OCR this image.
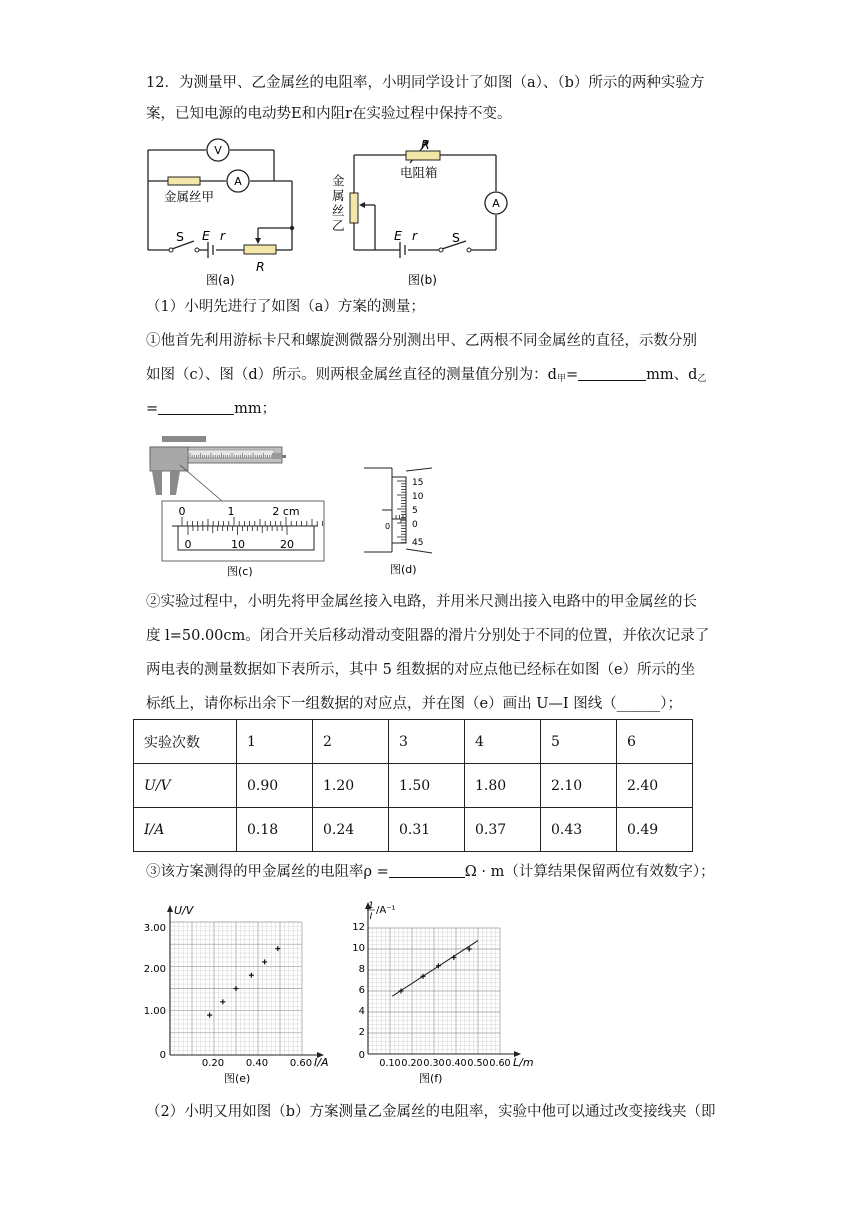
12．为测量甲、乙金属丝的电阻率，小明同学设计了如图（a）、（b）所示的两种实验方案，已知电源的电动势E和内阻r在实验过程中保持不变。

V
A
金属丝甲
S E r
R
图(a)
R
电阻箱
A
E r	S
图(b)
金属丝乙

（1）小明先进行了如图（a）方案的测量；

①他首先利用游标卡尺和螺旋测微器分别测出甲、乙两根不同金属丝的直径，示数分别

如图（c）、图（d）所示。则两根金属丝直径的测量值分别为：$d_甲=$	mm、$d_乙$

=	mm；

0	1	2 cm
0	10	20
图(c)
15
10
5
0
45
0
图(d)

②实验过程中，小明先将甲金属丝接入电路，并用米尺测出接入电路中的甲金属丝的长

度 l=50.00cm。闭合开关后移动滑动变阻器的滑片分别处于不同的位置，并依次记录了

两电表的测量数据如下表所示，其中 5 组数据的对应点他已经标在如图（e）所示的坐

标纸上，请你标出余下一组数据的对应点，并在图（e）画出 U—I 图线（______）；

实验次数	1	2	3	4	5	6
U/V	0.90	1.20	1.50	1.80	2.10	2.40
I/A	0.18	0.24	0.31	0.37	0.43	0.49

③该方案测得的甲金属丝的电阻率ρ =	Ω · m（计算结果保留两位有效数字）；

U/V
3.00
2.00
1.00
0
0.20 0.40 0.60 I/A
图(e)
1
I
/A⁻¹
12
10
8
6
4
2
0
0.10 0.20 0.30 0.40 0.50 0.60 L/m
图(f)

（2）小明又用如图（b）方案测量乙金属丝的电阻率，实验中他可以通过改变接线夹（即
